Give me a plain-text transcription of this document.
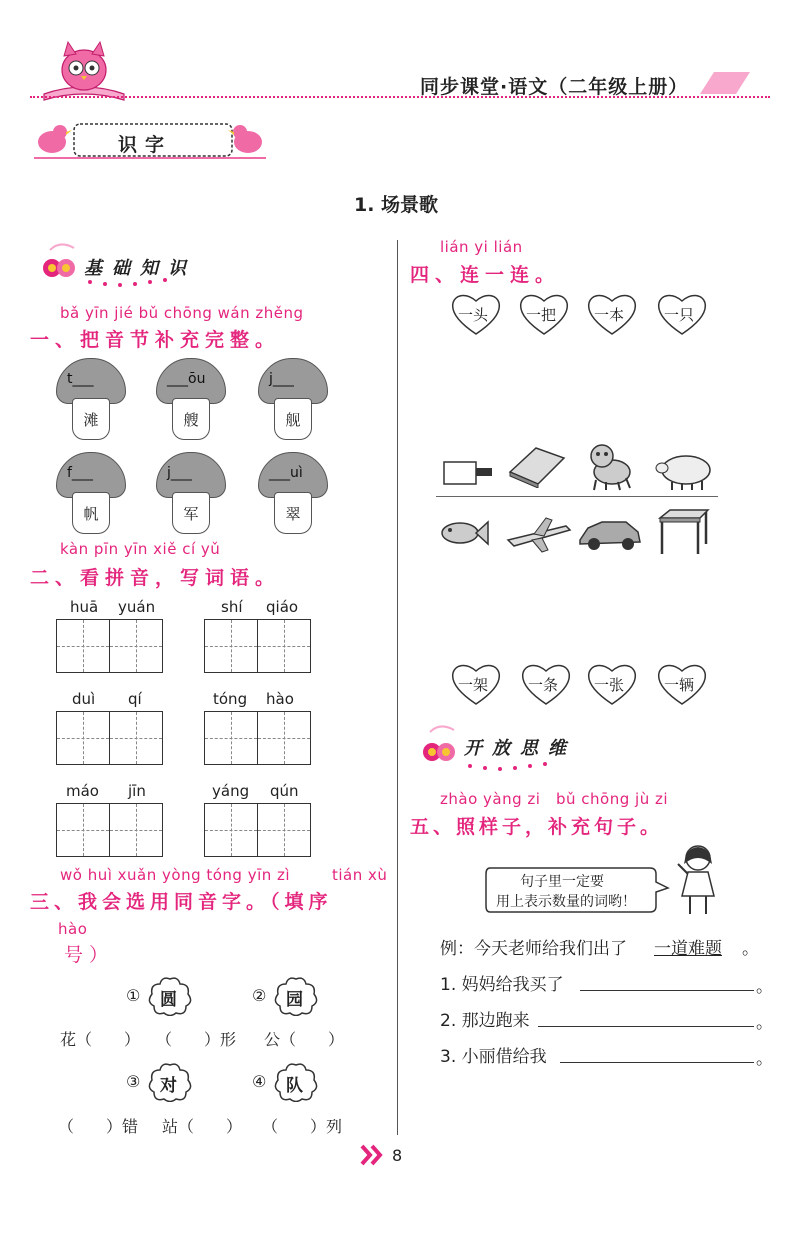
同步课堂·语文（二年级上册）
识字
1. 场景歌
基础知识
bǎ yīn jié bǔ chōng wán zhěng
一、把音节补充完整。
t___
滩
___ōu
艘
j___
舰
f___
帆
j___
军
___uì
翠
kàn pīn yīn xiě cí yǔ
二、看拼音，写词语。
huā yuán	shí qiáo
duì qí	tóng hào
máo jīn	yáng qún
wǒ huì xuǎn yòng tóng yīn zì	tián xù
三、我会选用同音字。（填序
hào
号）
① 圆	② 园
花（　　） （　　）形 公（　　）
③ 对	④ 队
（　　）错 站（　　） （　　）列
lián yi lián
四、连一连。
一头	一把	一本	一只
一架	一条 一张	一辆
开放思维
zhào yàng zi bǔ chōng jù zi
五、照样子，补充句子。
句子里一定要
用上表示数量的词哟！
例：今天老师给我们出了 一道难题 。
1. 妈妈给我买了	。
2. 那边跑来	。
3. 小丽借给我	。
8
